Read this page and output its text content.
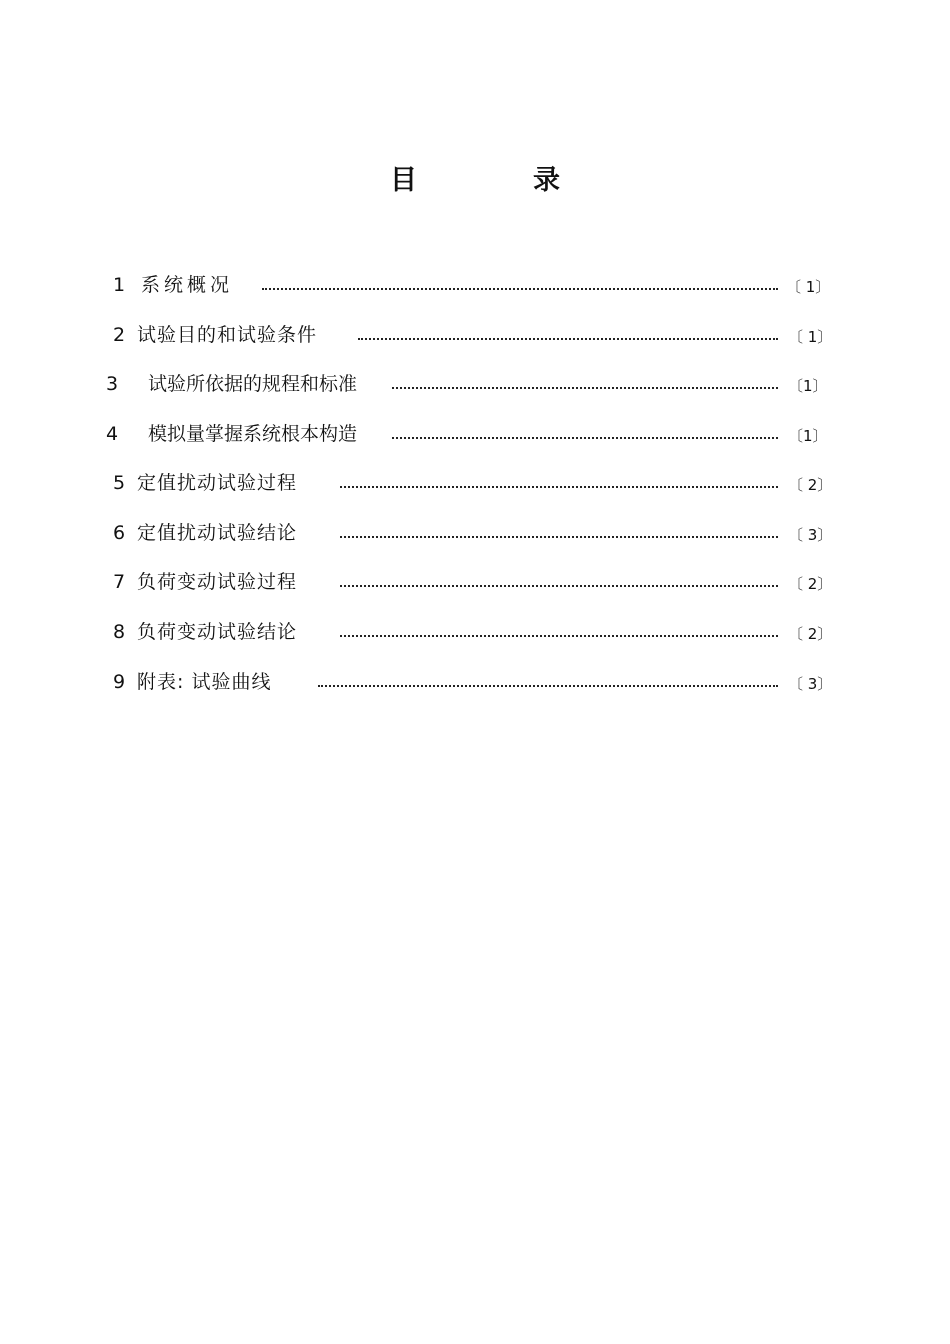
目	录
1 系统概况	〔 1〕
2 试验目的和试验条件	〔 1〕
3 试验所依据的规程和标准	〔1〕
4 模拟量掌握系统根本构造	〔1〕
5 定值扰动试验过程	〔 2〕
6 定值扰动试验结论	〔 3〕
7 负荷变动试验过程	〔 2〕
8 负荷变动试验结论	〔 2〕
9 附表: 试验曲线	〔 3〕
